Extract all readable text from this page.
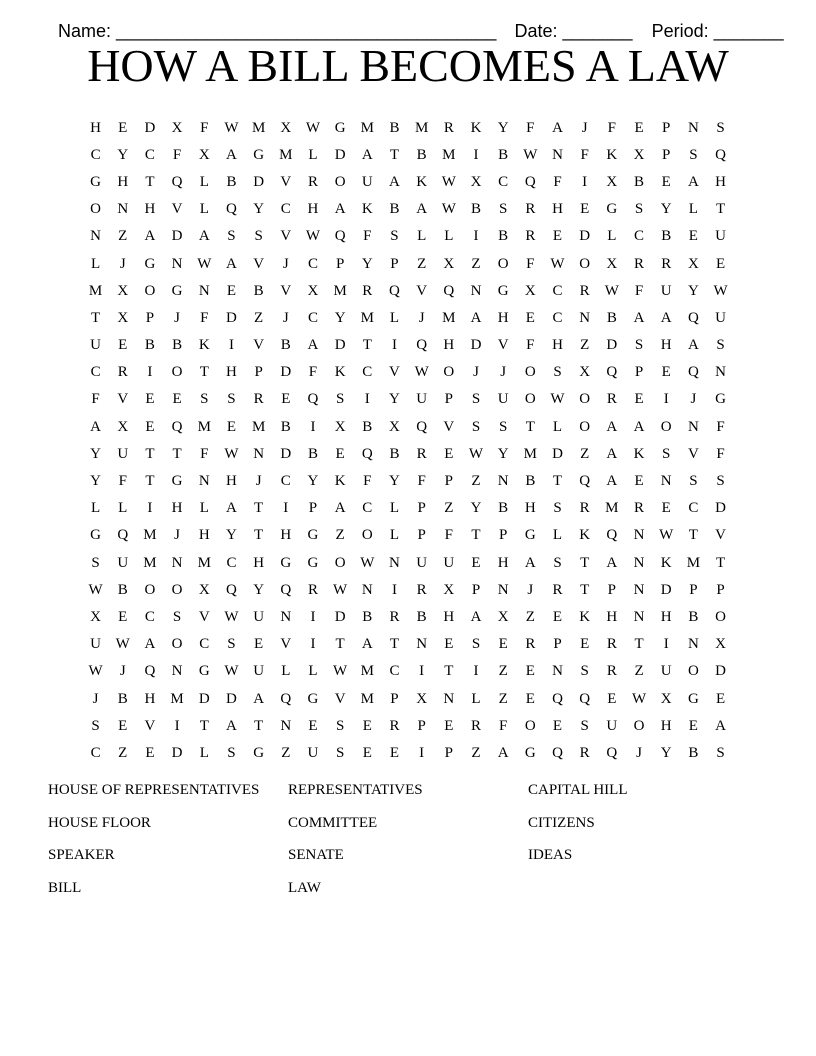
Name: ______________________________________ Date: _______ Period: _______

HOW A BILL BECOMES A LAW
H	E	D	X	F	W M	X W G	M	B	M	R	K	Y	F	A	J	F	E	P	N	S
C	Y	C	F	X	A	G	M	L	D	A	T	B	M	I	B	W N	F	K	X	P	S	Q
G	H	T	Q	L	B	D	V	R	O	U	A	K W X	C	Q	F	I	X	B	E	A	H
O	N	H	V	L	Q	Y	C	H	A	K	B	A W	B	S	R	H	E	G	S	Y	L	T
N	Z	A	D	A	S	S	V W Q	F	S	L	L	I	B	R	E	D	L	C	B	E	U
L	J	G	N W A	V	J	C	P	Y	P	Z	X	Z	O	F	W O	X	R	R	X	E
M	X	O	G	N	E	B	V	X	M	R	Q	V	Q	N	G	X	C	R	W	F	U	Y W
T	X	P	J	F	D	Z	J	C	Y	M	L	J	M	A	H	E	C	N	B	A	A	Q	U
U	E	B	B	K	I	V	B	A	D	T	I	Q	H	D	V	F	H	Z	D	S	H	A	S
C	R	I	O	T	H	P	D	F	K	C	V W O	J	J	O	S	X	Q	P	E	Q	N
F	V	E	E	S	S	R	E	Q	S	I	Y	U	P	S	U	O W O	R	E	I	J	G
A	X	E	Q	M	E	M	B	I	X	B	X	Q	V	S	S	T	L	O	A	A	O	N	F
Y	U	T	T	F	W N	D	B	E	Q	B	R	E	W Y	M	D	Z	A	K	S	V	F
Y	F	T	G	N	H	J	C	Y	K	F	Y	F	P	Z	N	B	T	Q	A	E	N	S	S
L	L	I	H	L	A	T	I	P	A	C	L	P	Z	Y	B	H	S	R	M	R	E	C	D
G	Q	M	J	H	Y	T	H	G	Z	O	L	P	F	T	P	G	L	K	Q	N W	T	V
S	U	M	N	M	C	H	G	G	O W N	U	U	E	H	A	S	T	A	N	K	M	T
W	B	O	O	X	Q	Y	Q	R	W N	I	R	X	P	N	J	R	T	P	N	D	P	P
X	E	C	S	V W U	N	I	D	B	R	B	H	A	X	Z	E	K	H	N	H	B	O
U W A	O	C	S	E	V	I	T	A	T	N	E	S	E	R	P	E	R	T	I	N	X
W	J	Q	N	G W U	L	L	W M	C	I	T	I	Z	E	N	S	R	Z	U	O	D
J	B	H	M	D	D	A	Q	G	V	M	P	X	N	L	Z	E	Q	Q	E	W X	G	E
S	E	V	I	T	A	T	N	E	S	E	R	P	E	R	F	O	E	S	U	O	H	E	A
C	Z	E	D	L	S	G	Z	U	S	E	E	I	P	Z	A	G	Q	R	Q	J	Y	B	S
HOUSE OF REPRESENTATIVES	REPRESENTATIVES	CAPITAL HILL
HOUSE FLOOR	COMMITTEE	CITIZENS
SPEAKER	SENATE	IDEAS
BILL	LAW
